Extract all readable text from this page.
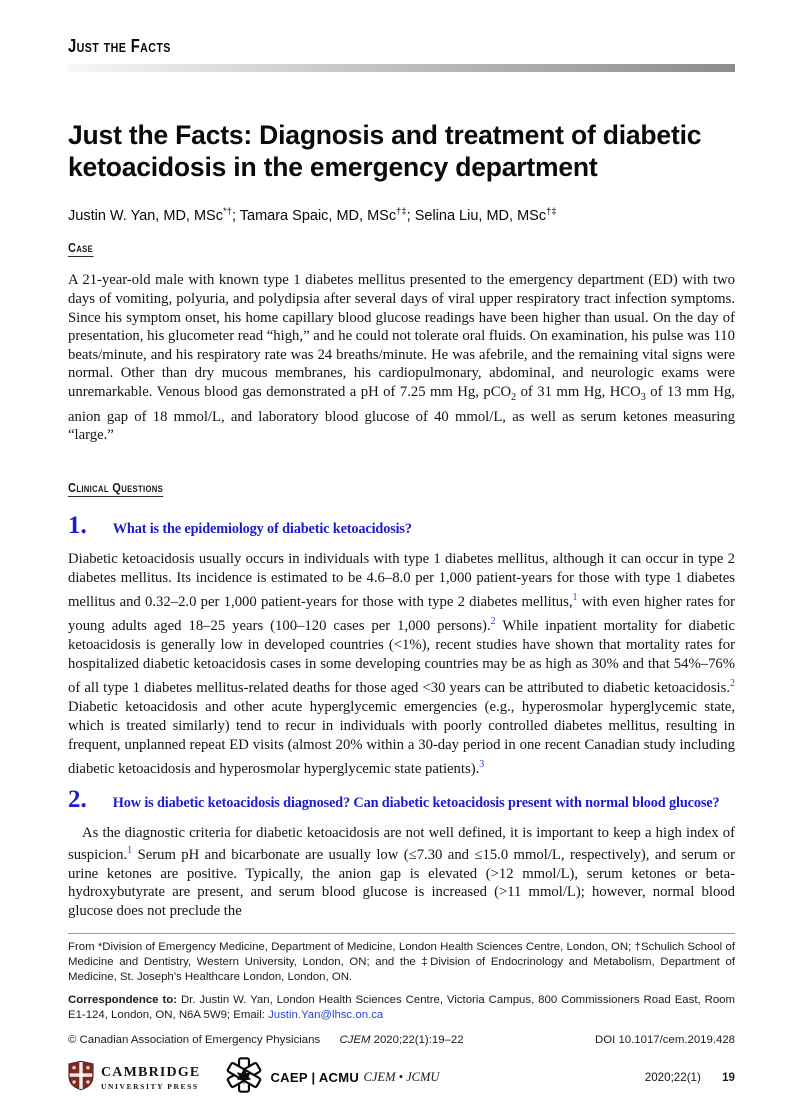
Just the Facts
Just the Facts: Diagnosis and treatment of diabetic ketoacidosis in the emergency department

Justin W. Yan, MD, MSc*†; Tamara Spaic, MD, MSc†‡; Selina Liu, MD, MSc†‡

Case

A 21-year-old male with known type 1 diabetes mellitus presented to the emergency department (ED) with two days of vomiting, polyuria, and polydipsia after several days of viral upper respiratory tract infection symptoms. Since his symptom onset, his home capillary blood glucose readings have been higher than usual. On the day of presentation, his glucometer read “high,” and he could not tolerate oral fluids. On examination, his pulse was 110 beats/minute, and his respiratory rate was 24 breaths/minute. He was afebrile, and the remaining vital signs were normal. Other than dry mucous membranes, his cardiopulmonary, abdominal, and neurologic exams were unremarkable. Venous blood gas demonstrated a pH of 7.25 mm Hg, pCO$_2$ of 31 mm Hg, $HCO_3$ of 13 mm Hg, anion gap of 18 mmol/L, and laboratory blood glucose of 40 mmol/L, as well as serum ketones measuring “large.”

Clinical Questions
1. What is the epidemiology of diabetic ketoacidosis?

Diabetic ketoacidosis usually occurs in individuals with type 1 diabetes mellitus, although it can occur in type 2 diabetes mellitus. Its incidence is estimated to be 4.6–8.0 per 1,000 patient-years for those with type 1 diabetes mellitus and 0.32–2.0 per 1,000 patient-years for those with type 2 diabetes mellitus,$^1$ with even higher rates for young adults aged 18–25 years (100–120 cases per 1,000 persons).$^2$ While inpatient mortality for diabetic ketoacidosis is generally low in developed countries (<1%), recent studies have shown that mortality rates for hospitalized diabetic ketoacidosis cases in some developing countries may be as high as 30% and that 54%–76% of all type 1 diabetes mellitus-related deaths for those aged <30 years can be attributed to diabetic ketoacidosis.$^2$ Diabetic ketoacidosis and other acute hyperglycemic emergencies (e.g., hyperosmolar hyperglycemic state, which is treated similarly) tend to recur in individuals with poorly controlled diabetes mellitus, resulting in frequent, unplanned repeat ED visits (almost 20% within a 30-day period in one recent Canadian study including diabetic ketoacidosis and hyperosmolar hyperglycemic state patients).$^3$

2. How is diabetic ketoacidosis diagnosed? Can diabetic ketoacidosis present with normal blood glucose?

As the diagnostic criteria for diabetic ketoacidosis are not well defined, it is important to keep a high index of suspicion.$^1$ Serum pH and bicarbonate are usually low (≤7.30 and ≤15.0 mmol/L, respectively), and serum or urine ketones are positive. Typically, the anion gap is elevated (>12 mmol/L), serum ketones or beta-hydroxybutyrate are present, and serum blood glucose is increased (>11 mmol/L); however, normal blood glucose does not preclude the

From *Division of Emergency Medicine, Department of Medicine, London Health Sciences Centre, London, ON; †Schulich School of Medicine and Dentistry, Western University, London, ON; and the ‡Division of Endocrinology and Metabolism, Department of Medicine, St. Joseph’s Healthcare London, London, ON.

Correspondence to: Dr. Justin W. Yan, London Health Sciences Centre, Victoria Campus, 800 Commissioners Road East, Room E1-124, London, ON, N6A 5W9; Email: Justin.Yan@lhsc.on.ca

© Canadian Association of Emergency Physicians	CJEM 2020;22(1):19–22	DOI 10.1017/cem.2019.428
CAMBRIDGE
UNIVERSITY PRESS
CAEP | ACMU CJEM • JCMU	2020;22(1) 19
